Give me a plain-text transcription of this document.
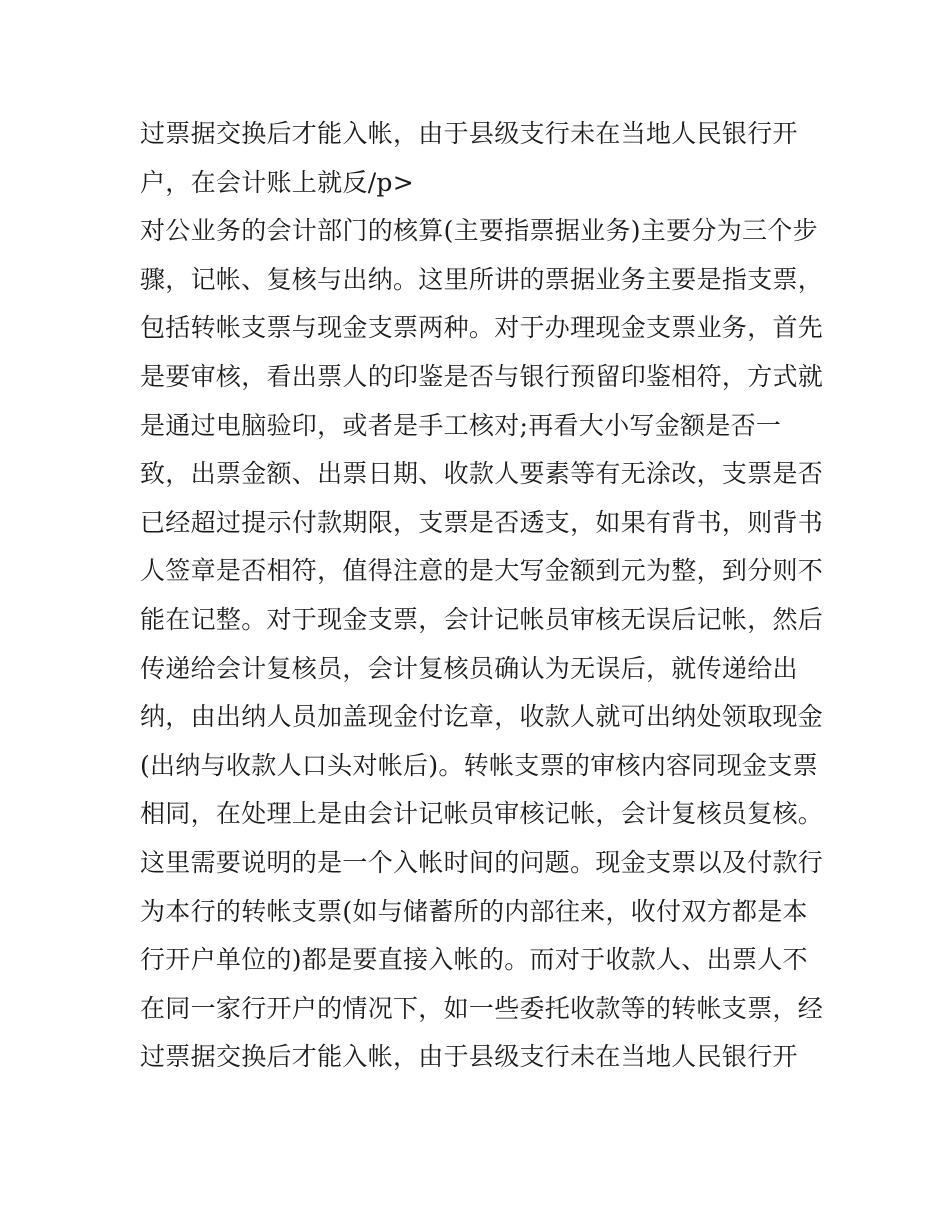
过票据交换后才能入帐，由于县级支行未在当地人民银行开
户，在会计账上就反/p>
对公业务的会计部门的核算(主要指票据业务)主要分为三个步
骤，记帐、复核与出纳。这里所讲的票据业务主要是指支票，
包括转帐支票与现金支票两种。对于办理现金支票业务，首先
是要审核，看出票人的印鉴是否与银行预留印鉴相符，方式就
是通过电脑验印，或者是手工核对;再看大小写金额是否一
致，出票金额、出票日期、收款人要素等有无涂改，支票是否
已经超过提示付款期限，支票是否透支，如果有背书，则背书
人签章是否相符，值得注意的是大写金额到元为整，到分则不
能在记整。对于现金支票，会计记帐员审核无误后记帐，然后
传递给会计复核员，会计复核员确认为无误后，就传递给出
纳，由出纳人员加盖现金付讫章，收款人就可出纳处领取现金
(出纳与收款人口头对帐后)。转帐支票的审核内容同现金支票
相同，在处理上是由会计记帐员审核记帐，会计复核员复核。
这里需要说明的是一个入帐时间的问题。现金支票以及付款行
为本行的转帐支票(如与储蓄所的内部往来，收付双方都是本
行开户单位的)都是要直接入帐的。而对于收款人、出票人不
在同一家行开户的情况下，如一些委托收款等的转帐支票，经
过票据交换后才能入帐，由于县级支行未在当地人民银行开
